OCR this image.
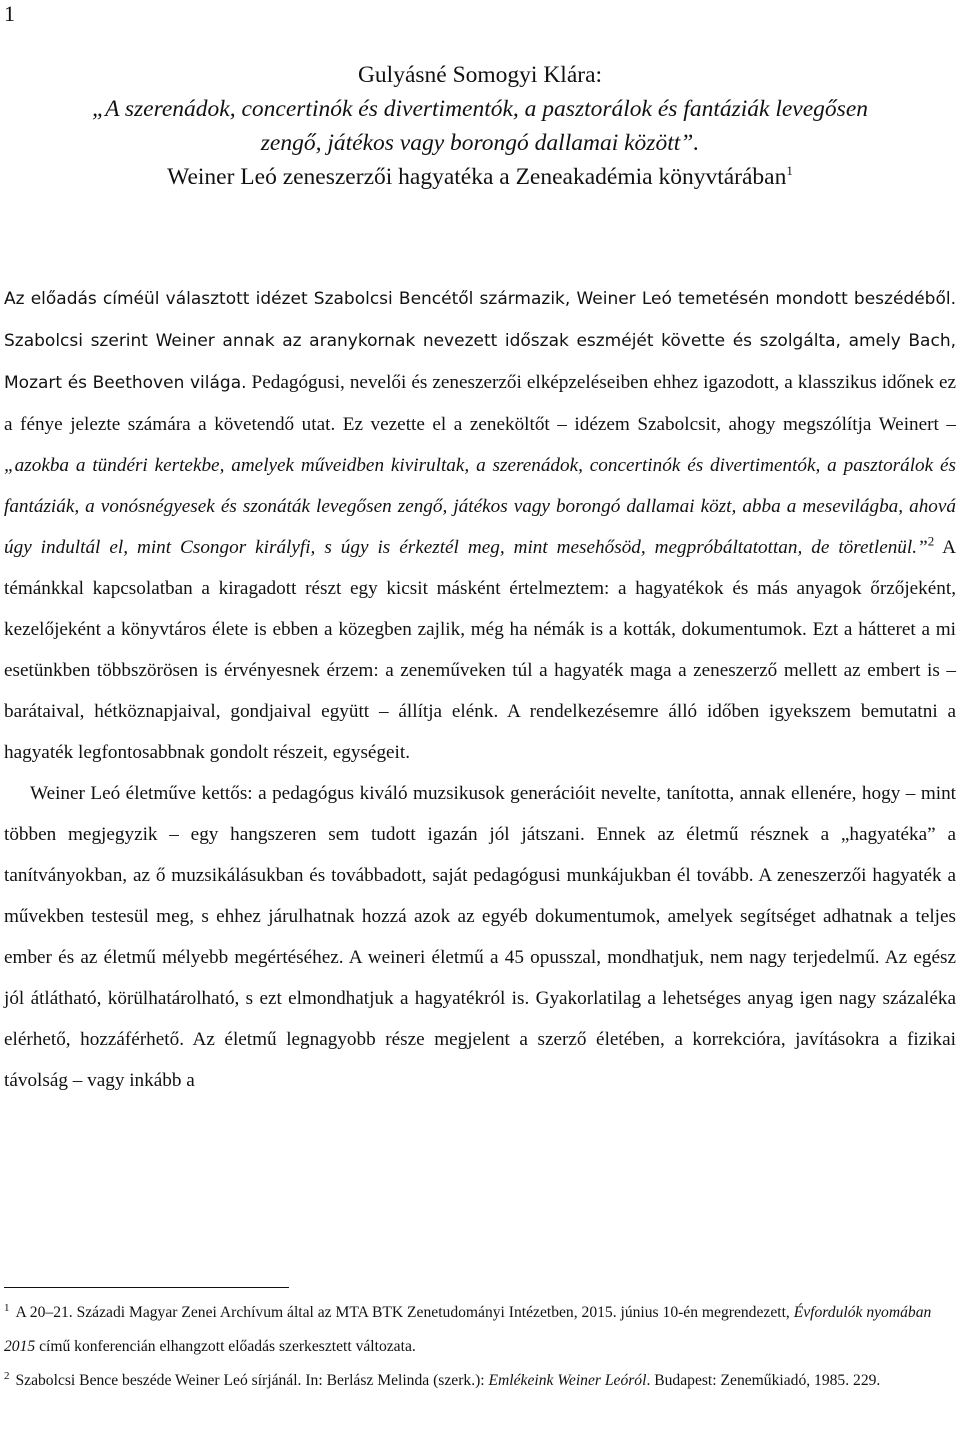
1
Gulyásné Somogyi Klára:
„A szerenádok, concertinók és divertimentók, a pasztorálok és fantáziák levegősen
zengő, játékos vagy borongó dallamai között”.
Weiner Leó zeneszerzői hagyatéka a Zeneakadémia könyvtárában$^1$

Az előadás címéül választott idézet Szabolcsi Bencétől származik, Weiner Leó temetésén mondott beszédéből. Szabolcsi szerint Weiner annak az aranykornak nevezett időszak eszméjét követte és szolgálta, amely Bach, Mozart és Beethoven világa. Pedagógusi, nevelői és zeneszerzői elképzeléseiben ehhez igazodott, a klasszikus időnek ez a fénye jelezte számára a követendő utat. Ez vezette el a zeneköltőt – idézem Szabolcsit, ahogy megszólítja Weinert – „azokba a tündéri kertekbe, amelyek műveidben kivirultak, a szerenádok, concertinók és divertimentók, a pasztorálok és fantáziák, a vonósnégyesek és szonáták levegősen zengő, játékos vagy borongó dallamai közt, abba a mesevilágba, ahová úgy indultál el, mint Csongor királyfi, s úgy is érkeztél meg, mint mesehősöd, megpróbáltatottan, de töretlenül.”$^2$ A témánkkal kapcsolatban a kiragadott részt egy kicsit másként értelmeztem: a hagyatékok és más anyagok őrzőjeként, kezelőjeként a könyvtáros élete is ebben a közegben zajlik, még ha némák is a kották, dokumentumok. Ezt a hátteret a mi esetünkben többszörösen is érvényesnek érzem: a zeneműveken túl a hagyaték maga a zeneszerző mellett az embert is – barátaival, hétköznapjaival, gondjaival együtt – állítja elénk. A rendelkezésemre álló időben igyekszem bemutatni a hagyaték legfontosabbnak gondolt részeit, egységeit.

Weiner Leó életműve kettős: a pedagógus kiváló muzsikusok generációit nevelte, tanította, annak ellenére, hogy – mint többen megjegyzik – egy hangszeren sem tudott igazán jól játszani. Ennek az életmű résznek a „hagyatéka” a tanítványokban, az ő muzsikálásukban és továbbadott, saját pedagógusi munkájukban él tovább. A zeneszerzői hagyaték a művekben testesül meg, s ehhez járulhatnak hozzá azok az egyéb dokumentumok, amelyek segítséget adhatnak a teljes ember és az életmű mélyebb megértéséhez. A weineri életmű a 45 opusszal, mondhatjuk, nem nagy terjedelmű. Az egész jól átlátható, körülhatárolható, s ezt elmondhatjuk a hagyatékról is. Gyakorlatilag a lehetséges anyag igen nagy százaléka elérhető, hozzáférhető. Az életmű legnagyobb része megjelent a szerző életében, a korrekcióra, javításokra a fizikai távolság – vagy inkább a

$^1$ A 20–21. Századi Magyar Zenei Archívum által az MTA BTK Zenetudományi Intézetben, 2015. június 10-én megrendezett, Évfordulók nyomában 2015 című konferencián elhangzott előadás szerkesztett változata.

$^2$ Szabolcsi Bence beszéde Weiner Leó sírjánál. In: Berlász Melinda (szerk.): Emlékeink Weiner Leóról. Budapest: Zeneműkiadó, 1985. 229.
